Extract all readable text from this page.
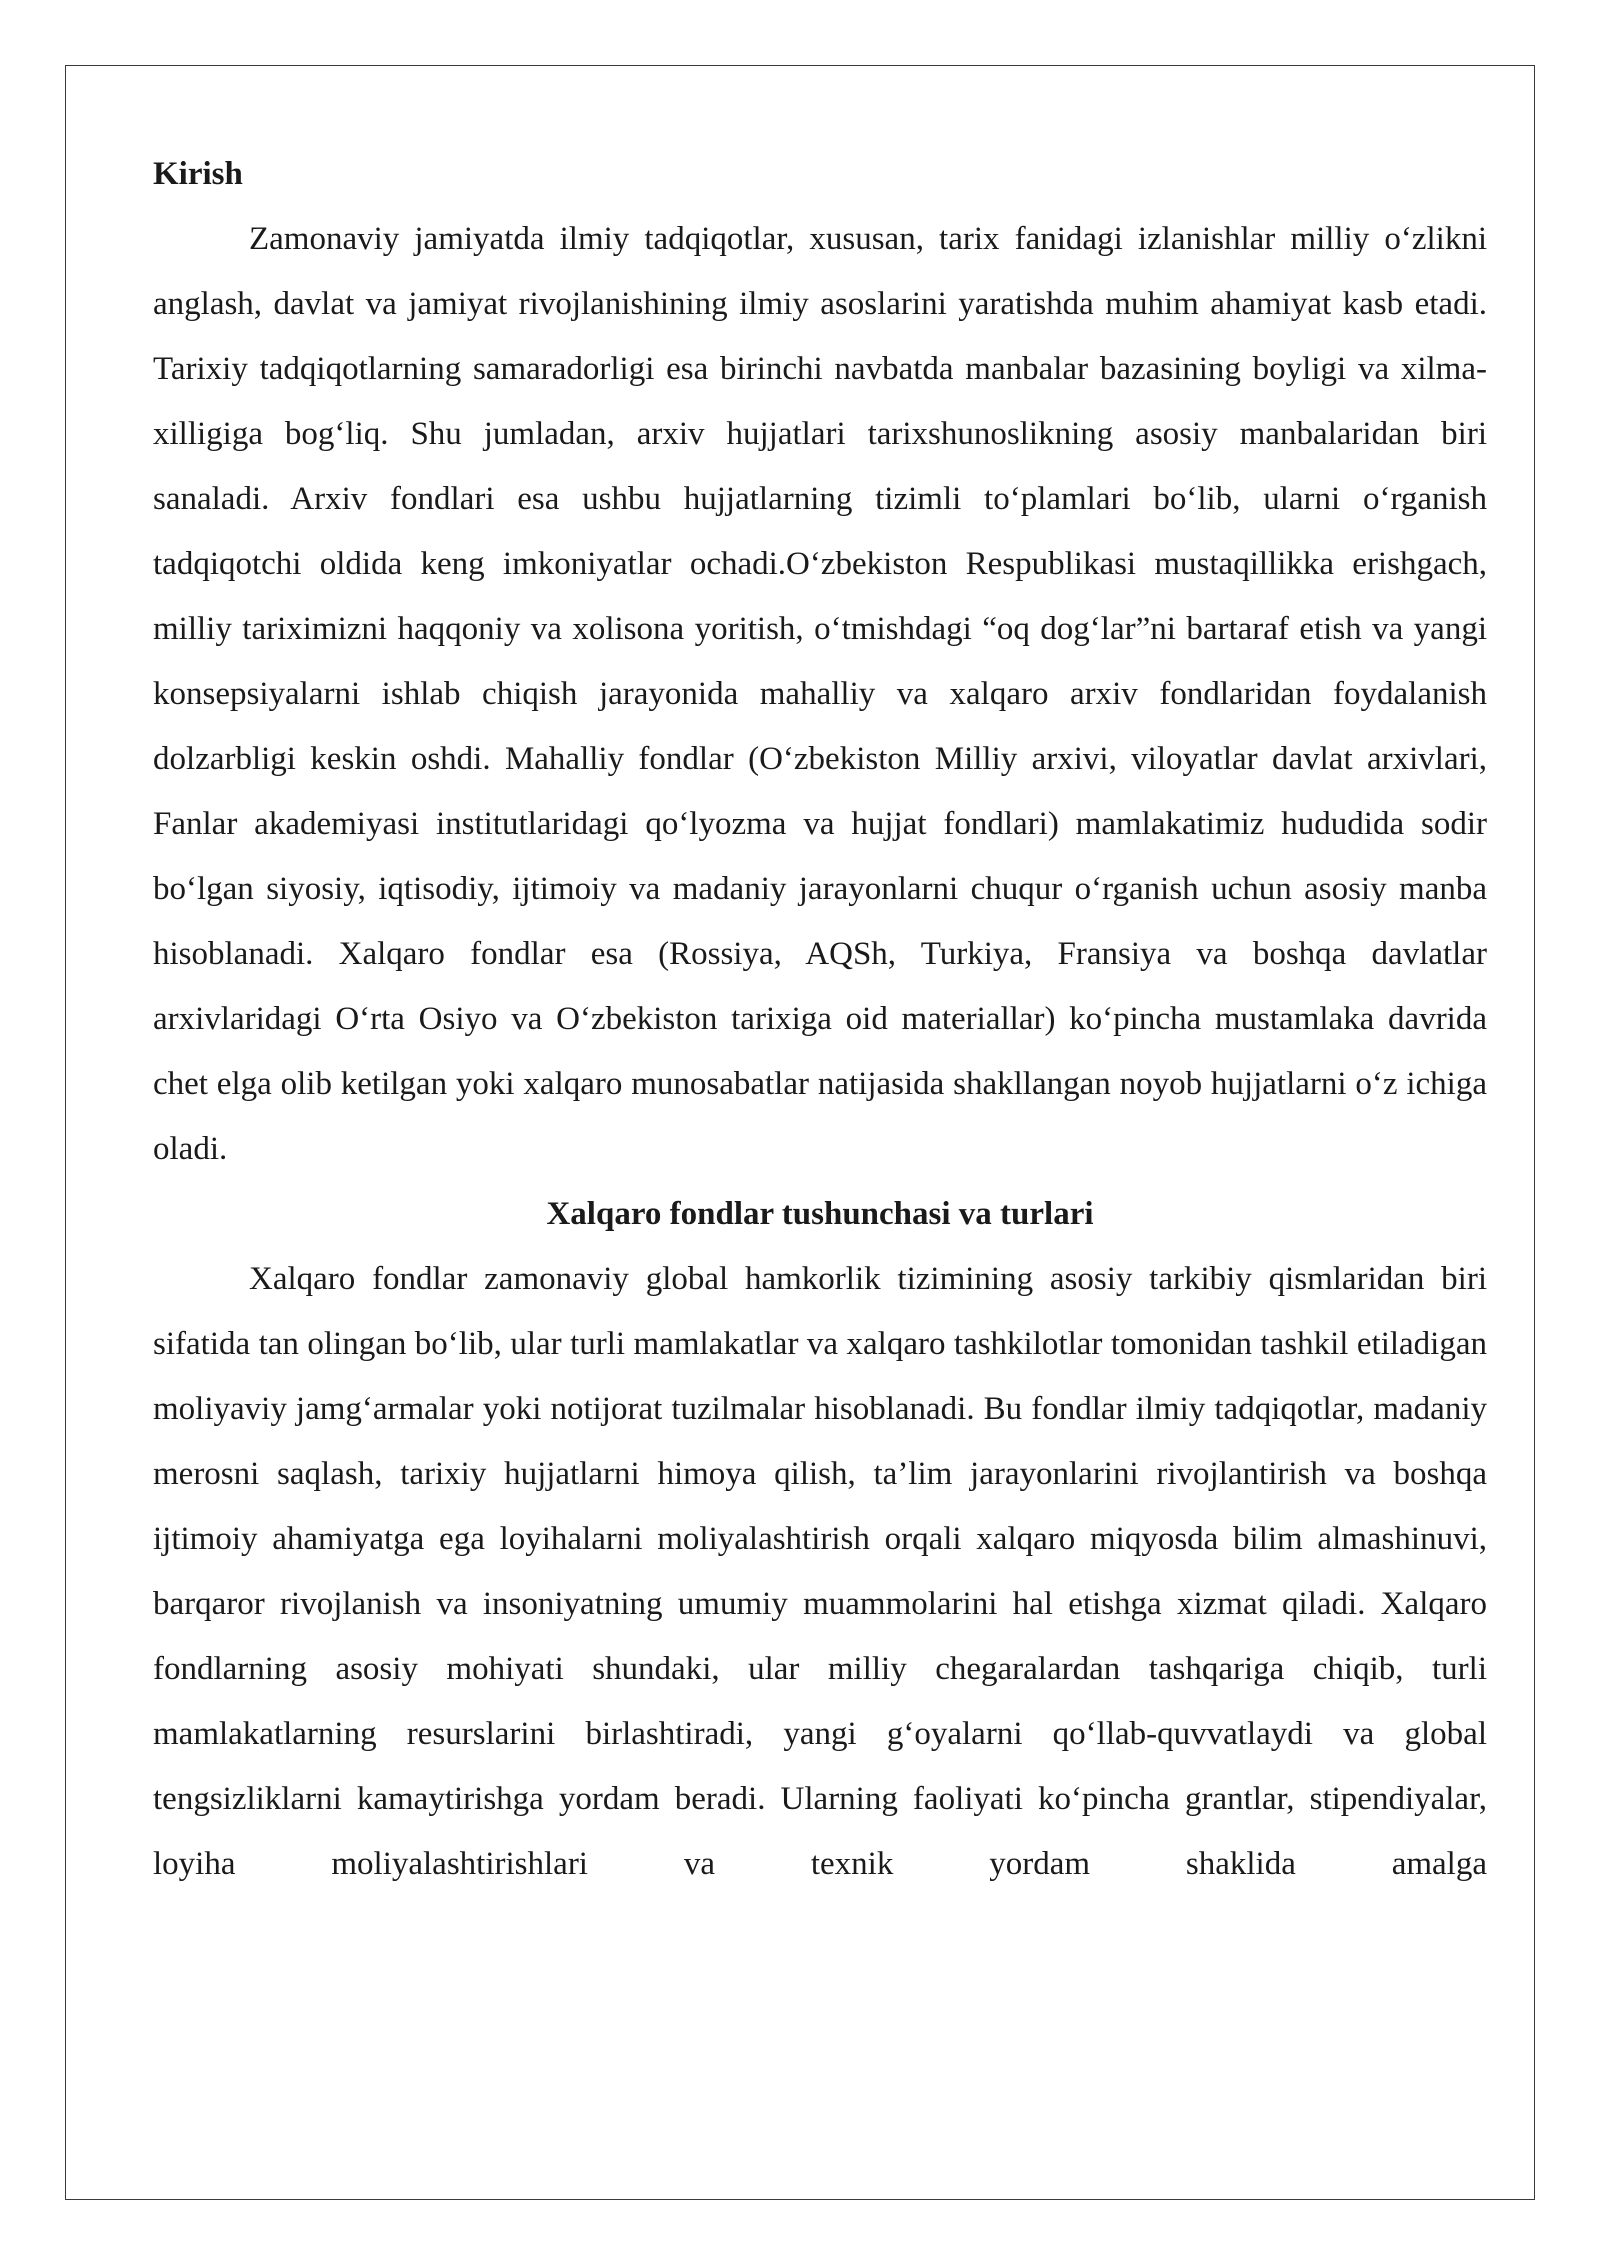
Kirish

Zamonaviy jamiyatda ilmiy tadqiqotlar, xususan, tarix fanidagi izlanishlar milliy o‘zlikni anglash, davlat va jamiyat rivojlanishining ilmiy asoslarini yaratishda muhim ahamiyat kasb etadi. Tarixiy tadqiqotlarning samaradorligi esa birinchi navbatda manbalar bazasining boyligi va xilma-xilligiga bog‘liq. Shu jumladan, arxiv hujjatlari tarixshunoslikning asosiy manbalaridan biri sanaladi. Arxiv fondlari esa ushbu hujjatlarning tizimli to‘plamlari bo‘lib, ularni o‘rganish tadqiqotchi oldida keng imkoniyatlar ochadi.O‘zbekiston Respublikasi mustaqillikka erishgach, milliy tariximizni haqqoniy va xolisona yoritish, o‘tmishdagi “oq dog‘lar”ni bartaraf etish va yangi konsepsiyalarni ishlab chiqish jarayonida mahalliy va xalqaro arxiv fondlaridan foydalanish dolzarbligi keskin oshdi. Mahalliy fondlar (O‘zbekiston Milliy arxivi, viloyatlar davlat arxivlari, Fanlar akademiyasi institutlaridagi qo‘lyozma va hujjat fondlari) mamlakatimiz hududida sodir bo‘lgan siyosiy, iqtisodiy, ijtimoiy va madaniy jarayonlarni chuqur o‘rganish uchun asosiy manba hisoblanadi. Xalqaro fondlar esa (Rossiya, AQSh, Turkiya, Fransiya va boshqa davlatlar arxivlaridagi O‘rta Osiyo va O‘zbekiston tarixiga oid materiallar) ko‘pincha mustamlaka davrida chet elga olib ketilgan yoki xalqaro munosabatlar natijasida shakllangan noyob hujjatlarni o‘z ichiga oladi.

Xalqaro fondlar tushunchasi va turlari

Xalqaro fondlar zamonaviy global hamkorlik tizimining asosiy tarkibiy qismlaridan biri sifatida tan olingan bo‘lib, ular turli mamlakatlar va xalqaro tashkilotlar tomonidan tashkil etiladigan moliyaviy jamg‘armalar yoki notijorat tuzilmalar hisoblanadi. Bu fondlar ilmiy tadqiqotlar, madaniy merosni saqlash, tarixiy hujjatlarni himoya qilish, ta’lim jarayonlarini rivojlantirish va boshqa ijtimoiy ahamiyatga ega loyihalarni moliyalashtirish orqali xalqaro miqyosda bilim almashinuvi, barqaror rivojlanish va insoniyatning umumiy muammolarini hal etishga xizmat qiladi. Xalqaro fondlarning asosiy mohiyati shundaki, ular milliy chegaralardan tashqariga chiqib, turli mamlakatlarning resurslarini birlashtiradi, yangi g‘oyalarni qo‘llab-quvvatlaydi va global tengsizliklarni kamaytirishga yordam beradi. Ularning faoliyati ko‘pincha grantlar, stipendiyalar, loyiha moliyalashtirishlari va texnik yordam shaklida amalga
